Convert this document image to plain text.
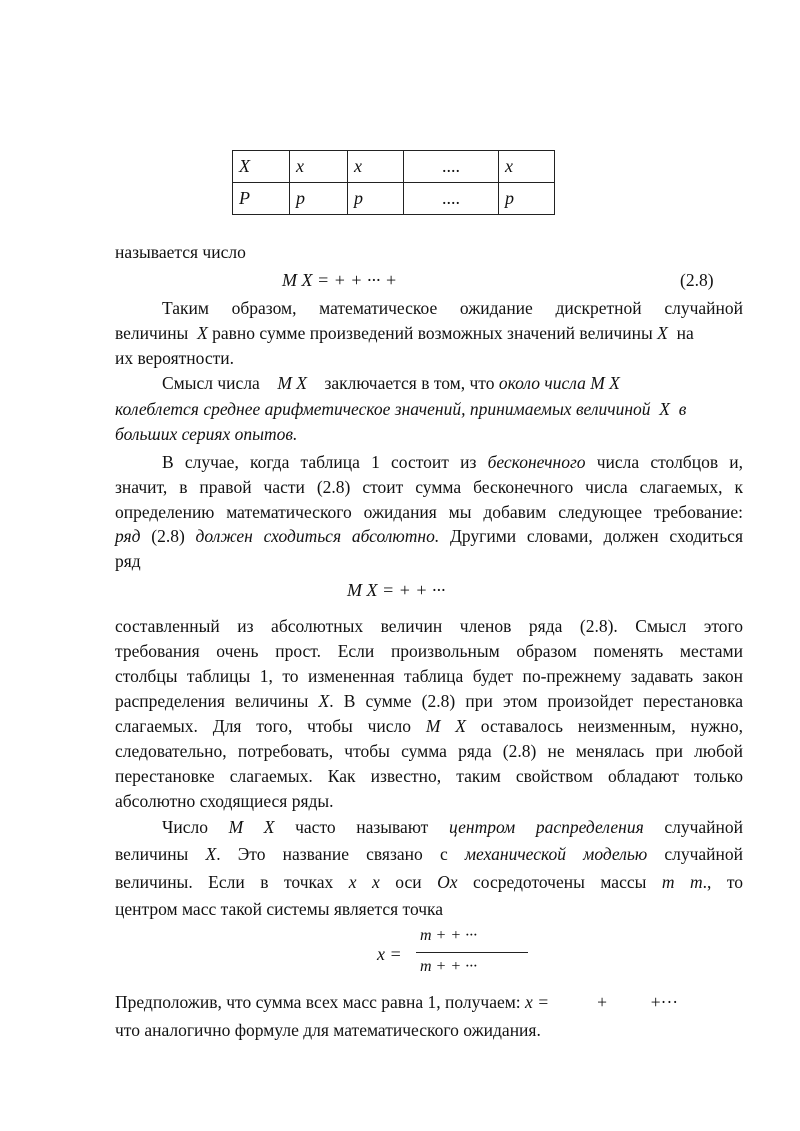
X	x	x	....	x
P	p	p	....	p
называется число
M X = + + ··· +	(2.8)
Таким образом, математическое ожидание дискретной случайной
величины X равно сумме произведений возможных значений величины X на
их вероятности.
Смысл числа M X заключается в том, что около числа M X
колеблется среднее арифметическое значений, принимаемых величиной X в
больших сериях опытов.
В случае, когда таблица 1 состоит из бесконечного числа столбцов и,
значит, в правой части (2.8) стоит сумма бесконечного числа слагаемых, к
определению математического ожидания мы добавим следующее требование:
ряд (2.8) должен сходиться абсолютно. Другими словами, должен сходиться
ряд
M X = + + ···
составленный из абсолютных величин членов ряда (2.8). Смысл этого
требования очень прост. Если произвольным образом поменять местами
столбцы таблицы 1, то измененная таблица будет по-прежнему задавать закон
распределения величины X. В сумме (2.8) при этом произойдет перестановка
слагаемых. Для того, чтобы число M X оставалось неизменным, нужно,
следовательно, потребовать, чтобы сумма ряда (2.8) не менялась при любой
перестановке слагаемых. Как известно, таким свойством обладают только
абсолютно сходящиеся ряды.
Число M X часто называют центром распределения случайной
величины X. Это название связано с механической моделью случайной
величины. Если в точках x x оси Ox сосредоточены массы m m., то
центром масс такой системы является точка
x =
m + + ···
m + + ···
Предположив, что сумма всех масс равна 1, получаем: x =	+	+···
что аналогично формуле для математического ожидания.
